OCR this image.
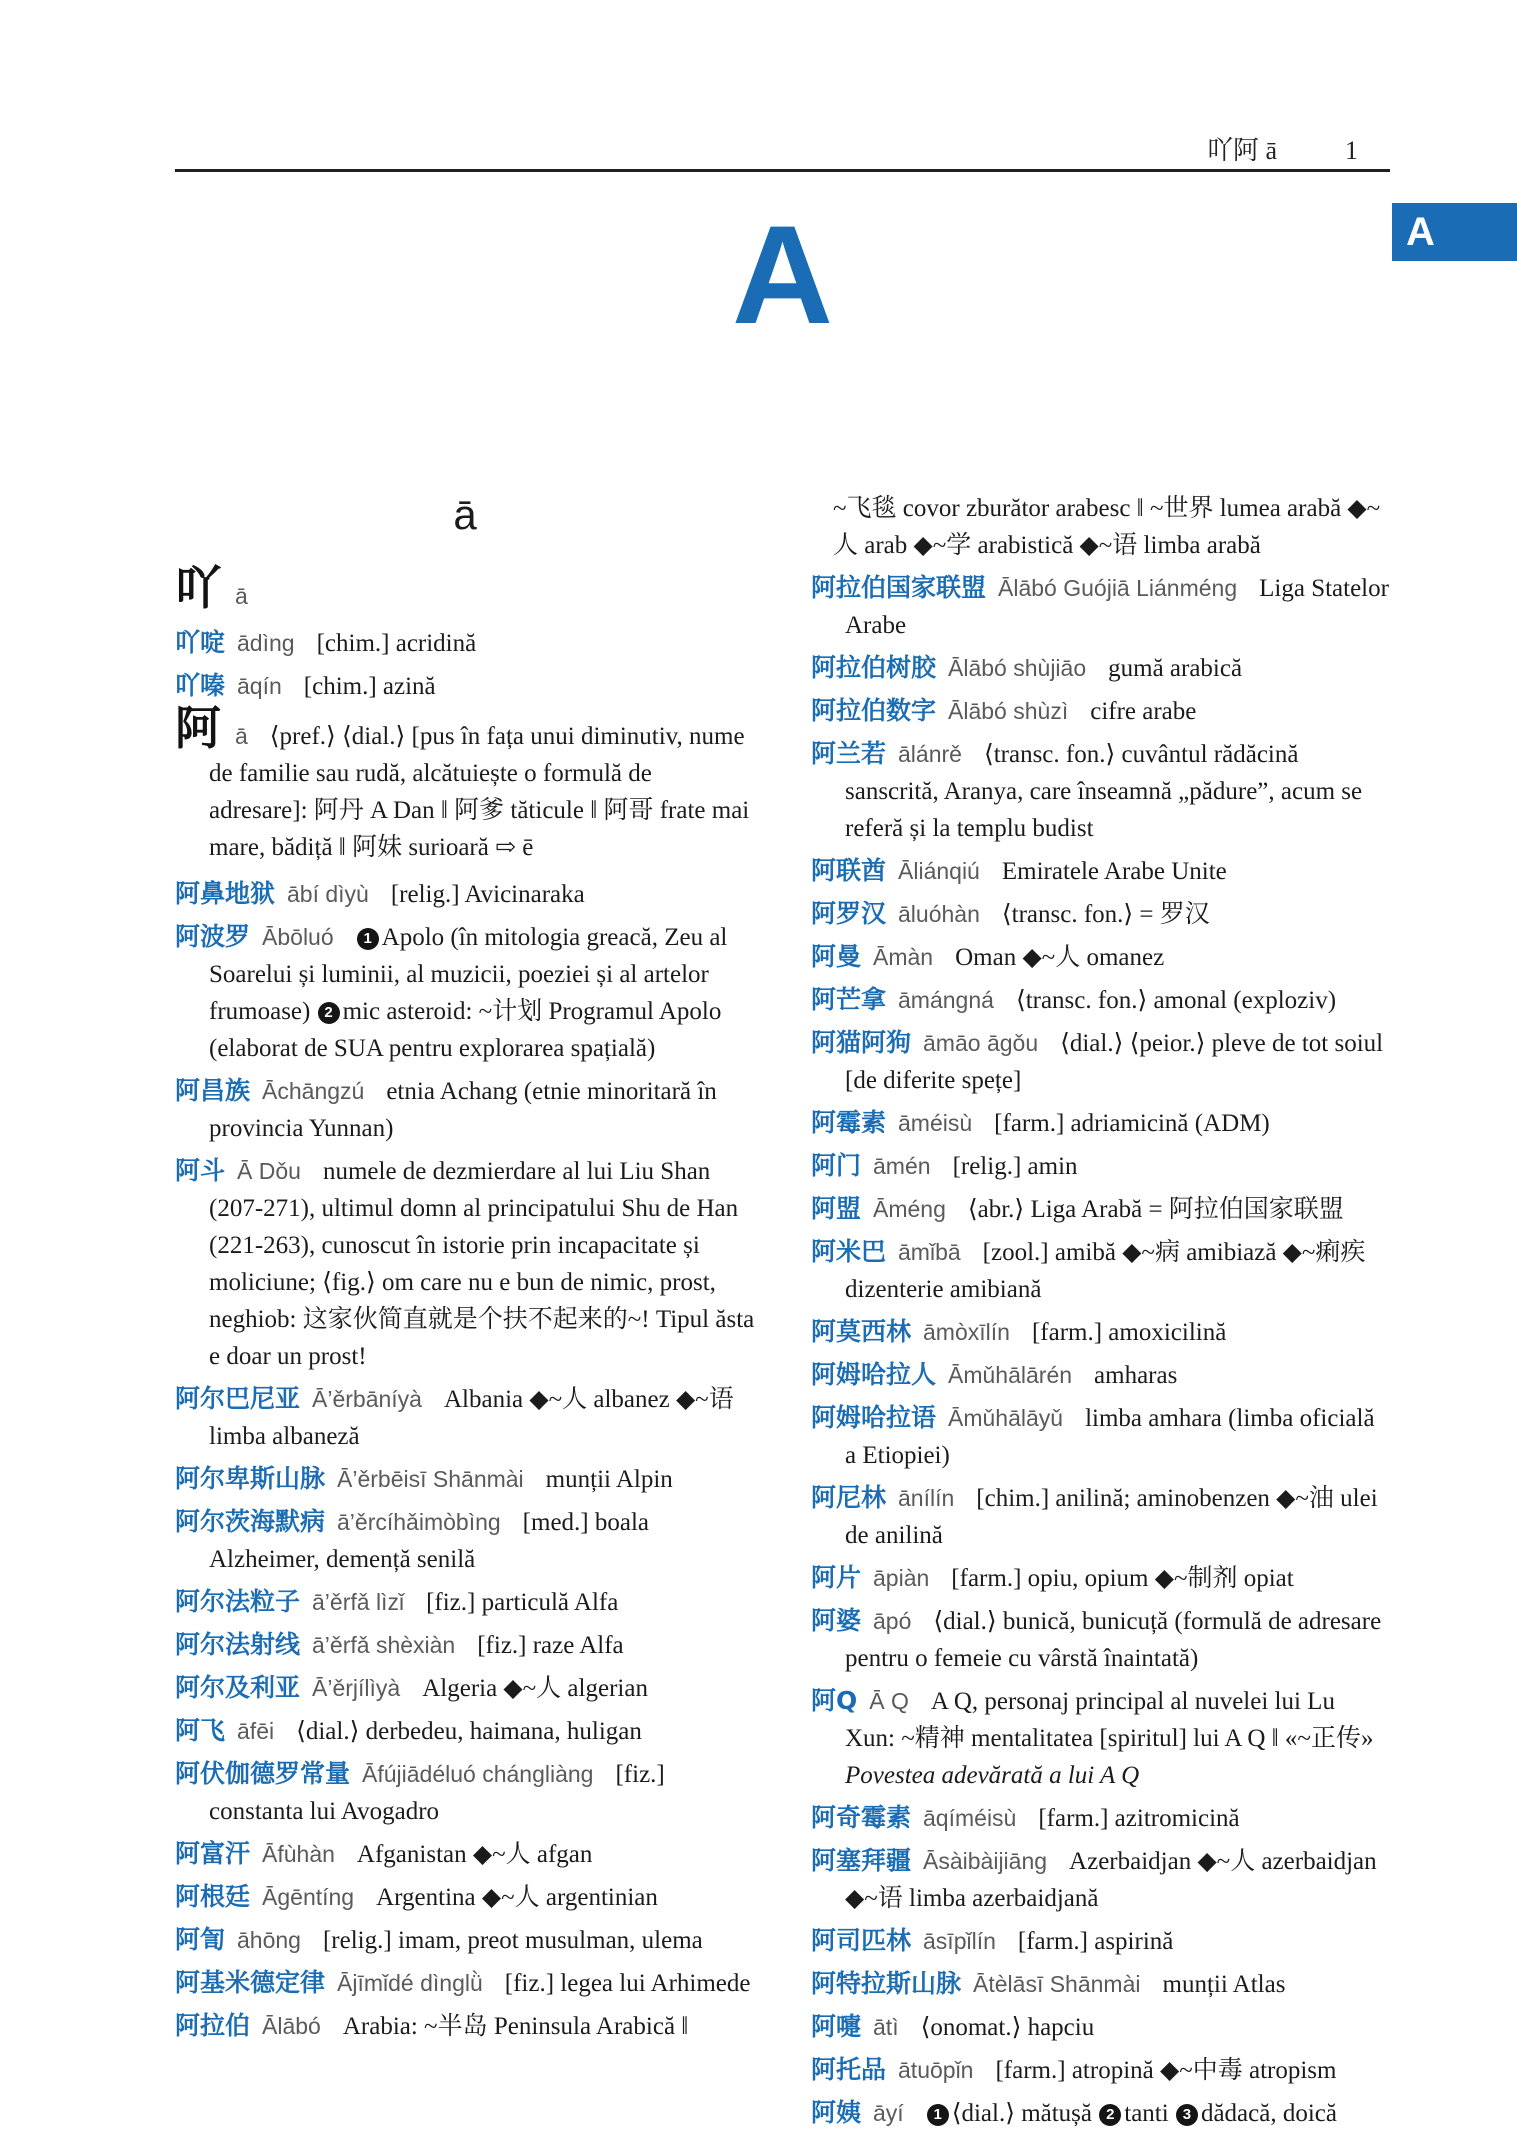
A
吖阿 ā	1
A
ā

吖ā

吖啶 ādìng [chim.] acridină

吖嗪 āqín [chim.] azină

阿ā ⟨pref.⟩ ⟨dial.⟩ [pus în fața unui diminutiv, nume de familie sau rudă, alcătuiește o formulă de adresare]: 阿丹 A Dan ‖ 阿爹 tăticule ‖ 阿哥 frate mai mare, bădiță ‖ 阿妹 surioară ⇨ ē

阿鼻地狱 ābí dìyù [relig.] Avicinaraka

阿波罗 Ābōluó 1 Apolo (în mitologia greacă, Zeu al Soarelui și luminii, al muzicii, poeziei și al artelor frumoase) 2 mic asteroid: ~计划 Programul Apolo (elaborat de SUA pentru explorarea spațială)

阿昌族 Āchāngzú etnia Achang (etnie minoritară în provincia Yunnan)

阿斗 Ā Dǒu numele de dezmierdare al lui Liu Shan (207-271), ultimul domn al principatului Shu de Han (221-263), cunoscut în istorie prin incapacitate și moliciune; ⟨fig.⟩ om care nu e bun de nimic, prost, neghiob: 这家伙简直就是个扶不起来的~! Tipul ăsta e doar un prost!

阿尔巴尼亚 Ā’ěrbāníyà Albania ◆~人 albanez ◆~语 limba albaneză

阿尔卑斯山脉 Ā’ěrbēisī Shānmài munții Alpin

阿尔茨海默病 ā’ěrcíhǎimòbìng [med.] boala Alzheimer, demență senilă

阿尔法粒子 ā’ěrfǎ lìzǐ [fiz.] particulă Alfa

阿尔法射线 ā’ěrfǎ shèxiàn [fiz.] raze Alfa

阿尔及利亚 Ā’ěrjílìyà Algeria ◆~人 algerian

阿飞 āfēi ⟨dial.⟩ derbedeu, haimana, huligan

阿伏伽德罗常量 Āfújiādéluó chángliàng [fiz.] constanta lui Avogadro

阿富汗 Āfùhàn Afganistan ◆~人 afgan

阿根廷 Āgēntíng Argentina ◆~人 argentinian

阿訇 āhōng [relig.] imam, preot musulman, ulema

阿基米德定律 Ājīmǐdé dìnglǜ [fiz.] legea lui Arhimede

阿拉伯 Ālābó Arabia: ~半岛 Peninsula Arabică ‖

~飞毯 covor zburător arabesc ‖ ~世界 lumea arabă ◆~人 arab ◆~学 arabistică ◆~语 limba arabă

阿拉伯国家联盟 Ālābó Guójiā Liánméng Liga Statelor Arabe

阿拉伯树胶 Ālābó shùjiāo gumă arabică

阿拉伯数字 Ālābó shùzì cifre arabe

阿兰若 ālánrě ⟨transc. fon.⟩ cuvântul rădăcină sanscrită, Aranya, care înseamnă „pădure”, acum se referă și la templu budist

阿联酋 Āliánqiú Emiratele Arabe Unite

阿罗汉 āluóhàn ⟨transc. fon.⟩ = 罗汉

阿曼 Āmàn Oman ◆~人 omanez

阿芒拿 āmángná ⟨transc. fon.⟩ amonal (exploziv)

阿猫阿狗 āmāo āgǒu ⟨dial.⟩ ⟨peior.⟩ pleve de tot soiul [de diferite spețe]

阿霉素 āméisù [farm.] adriamicină (ADM)

阿门 āmén [relig.] amin

阿盟 Āméng ⟨abr.⟩ Liga Arabă = 阿拉伯国家联盟

阿米巴 āmǐbā [zool.] amibă ◆~病 amibiază ◆~痢疾 dizenterie amibiană

阿莫西林 āmòxīlín [farm.] amoxicilină

阿姆哈拉人 Āmǔhālārén amharas

阿姆哈拉语 Āmǔhālāyǔ limba amhara (limba oficială a Etiopiei)

阿尼林 ānílín [chim.] anilină; aminobenzen ◆~油 ulei de anilină

阿片 āpiàn [farm.] opiu, opium ◆~制剂 opiat

阿婆 āpó ⟨dial.⟩ bunică, bunicuță (formulă de adresare pentru o femeie cu vârstă înaintată)

阿Q Ā Q A Q, personaj principal al nuvelei lui Lu Xun: ~精神 mentalitatea [spiritul] lui A Q ‖ «~正传» Povestea adevărată a lui A Q

阿奇霉素 āqíméisù [farm.] azitromicină

阿塞拜疆 Āsàibàijiāng Azerbaidjan ◆~人 azerbaidjan ◆~语 limba azerbaidjană

阿司匹林 āsīpǐlín [farm.] aspirină

阿特拉斯山脉 Ātèlāsī Shānmài munții Atlas

阿嚏 ātì ⟨onomat.⟩ hapciu

阿托品 ātuōpǐn [farm.] atropină ◆~中毒 atropism

阿姨 āyí 1 ⟨dial.⟩ mătușă 2 tanti 3 dădacă, doică
